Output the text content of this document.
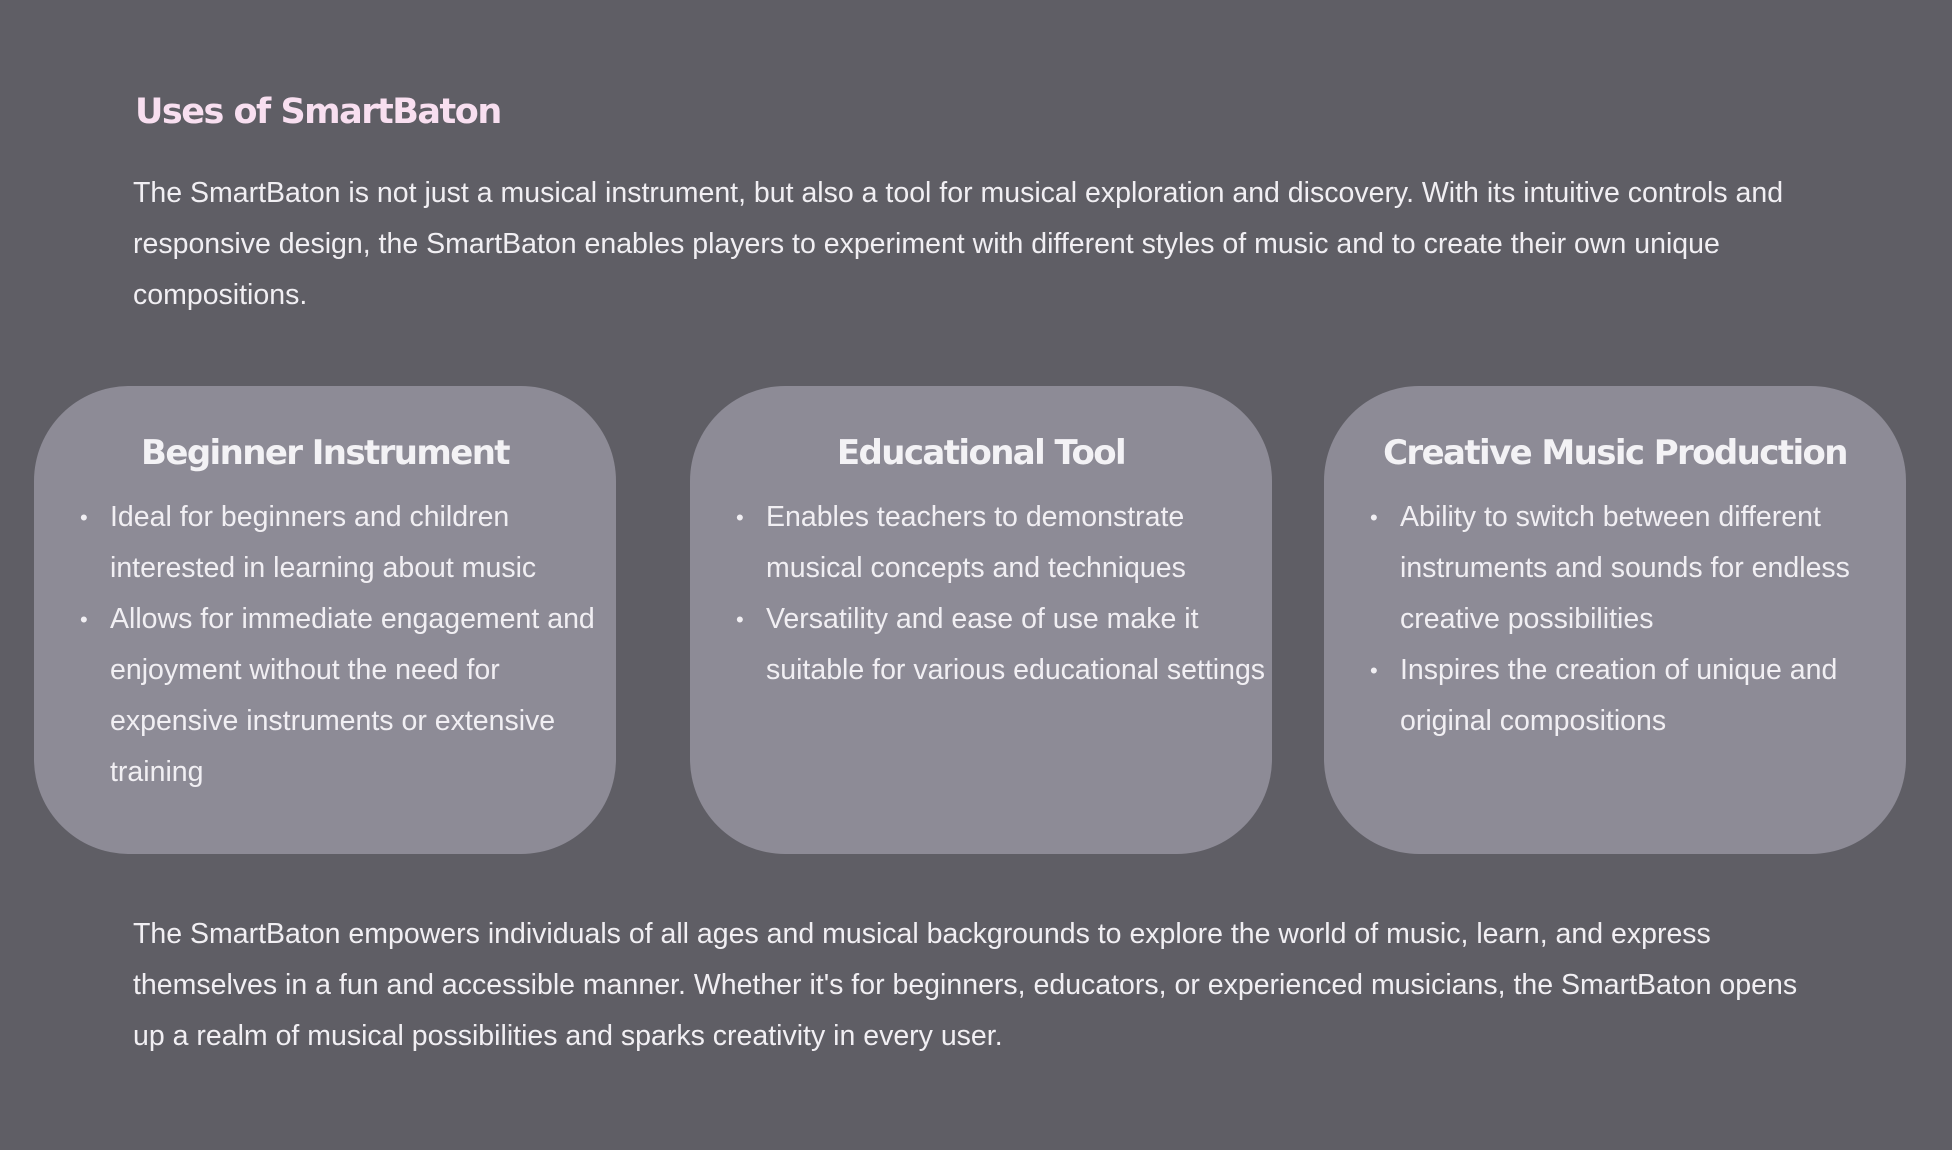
Uses of SmartBaton

The SmartBaton is not just a musical instrument, but also a tool for musical exploration and discovery. With its intuitive controls and responsive design, the SmartBaton enables players to experiment with different styles of music and to create their own unique compositions.

Beginner Instrument
• Ideal for beginners and children interested in learning about music
• Allows for immediate engagement and enjoyment without the need for expensive instruments or extensive training
Educational Tool
• Enables teachers to demonstrate musical concepts and techniques
• Versatility and ease of use make it suitable for various educational settings
Creative Music Production
• Ability to switch between different instruments and sounds for endless creative possibilities
• Inspires the creation of unique and original compositions

The SmartBaton empowers individuals of all ages and musical backgrounds to explore the world of music, learn, and express themselves in a fun and accessible manner. Whether it's for beginners, educators, or experienced musicians, the SmartBaton opens up a realm of musical possibilities and sparks creativity in every user.
